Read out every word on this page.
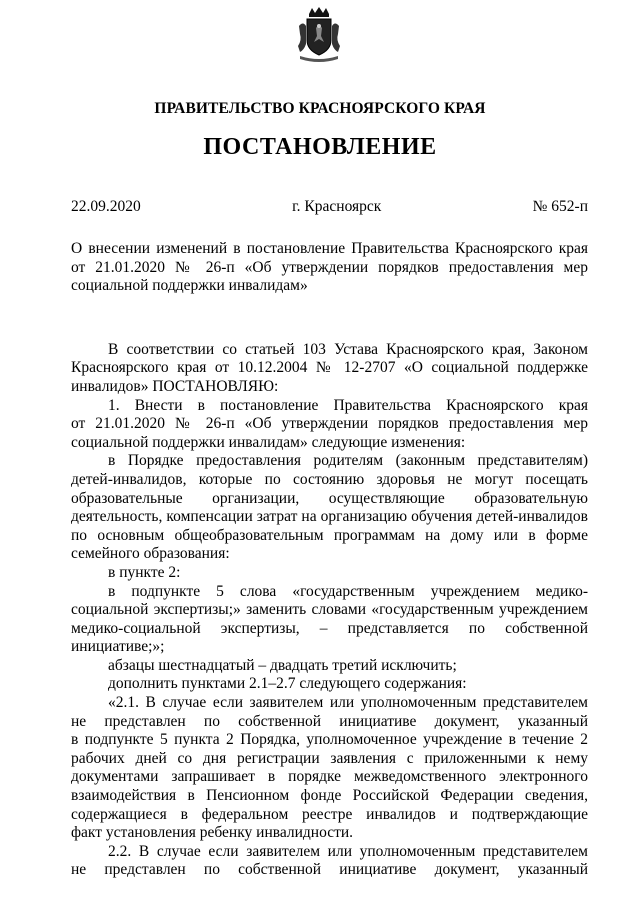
ПРАВИТЕЛЬСТВО КРАСНОЯРСКОГО КРАЯ
ПОСТАНОВЛЕНИЕ
22.09.2020	г. Красноярск	№ 652-п
О внесении изменений в постановление Правительства Красноярского края
от 21.01.2020 № 26-п «Об утверждении порядков предоставления мер
социальной поддержки инвалидам»
В соответствии со статьей 103 Устава Красноярского края, Законом
Красноярского края от 10.12.2004 № 12-2707 «О социальной поддержке
инвалидов» ПОСТАНОВЛЯЮ:
1. Внести в постановление Правительства Красноярского края
от 21.01.2020 № 26-п «Об утверждении порядков предоставления мер
социальной поддержки инвалидам» следующие изменения:
в Порядке предоставления родителям (законным представителям)
детей-инвалидов, которые по состоянию здоровья не могут посещать
образовательные организации, осуществляющие образовательную
деятельность, компенсации затрат на организацию обучения детей-инвалидов
по основным общеобразовательным программам на дому или в форме
семейного образования:
в пункте 2:
в подпункте 5 слова «государственным учреждением медико-
социальной экспертизы;» заменить словами «государственным учреждением
медико-социальной экспертизы, – представляется по собственной
инициативе;»;
абзацы шестнадцатый – двадцать третий исключить;
дополнить пунктами 2.1–2.7 следующего содержания:
«2.1. В случае если заявителем или уполномоченным представителем
не представлен по собственной инициативе документ, указанный
в подпункте 5 пункта 2 Порядка, уполномоченное учреждение в течение 2
рабочих дней со дня регистрации заявления с приложенными к нему
документами запрашивает в порядке межведомственного электронного
взаимодействия в Пенсионном фонде Российской Федерации сведения,
содержащиеся в федеральном реестре инвалидов и подтверждающие
факт установления ребенку инвалидности.
2.2. В случае если заявителем или уполномоченным представителем
не представлен по собственной инициативе документ, указанный
